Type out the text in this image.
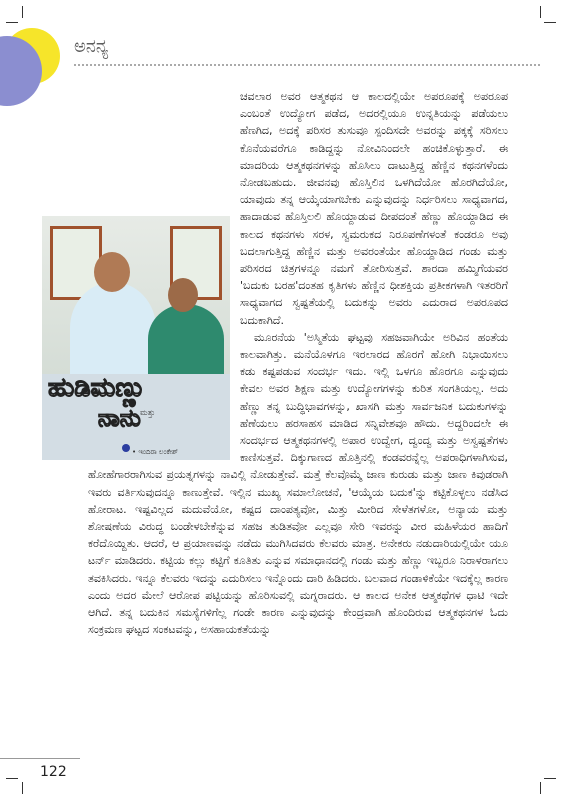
ಅನನ್ಯ
ಹುಡಿಮಣ್ಣು
ಮತ್ತು
ನಾನು
• ಇಂದಿರಾ ಲಂಕೇಶ್

ಚವಲಾರ ಅವರ ಆತ್ಮಕಥನ ಆ ಕಾಲದಲ್ಲಿಯೇ ಅಪರೂಪಕ್ಕೆ ಅಪರೂಪ ಎಂಬಂತೆ ಉದ್ಯೋಗ ಪಡೆದ, ಅದರಲ್ಲಿಯೂ ಉನ್ನತಿಯನ್ನು ಪಡೆಯಲು ಹೆಣಗಿದ, ಅದಕ್ಕೆ ಪರಿಸರ ತುಸುವೂ ಸ್ಪಂದಿಸದೇ ಅವರನ್ನು ಪಕ್ಕಕ್ಕೆ ಸರಿಸಲು ಕೊನೆಯವರೆಗೂ ಕಾಡಿದ್ದನ್ನು ನೋವಿನಿಂದಲೇ ಹಂಚಿಕೊಳ್ಳುತ್ತಾರೆ. ಈ ಮಾದರಿಯ ಆತ್ಮಕಥನಗಳನ್ನು ಹೊಸಿಲು ದಾಟುತ್ತಿದ್ದ ಹೆಣ್ಣಿನ ಕಥನಗಳೆಂದು ನೋಡಬಹುದು. ಜೀವನವು ಹೊಸ್ತಿಲಿನ ಒಳಗಿದೆಯೋ ಹೊರಗಿದೆಯೋ, ಯಾವುದು ತನ್ನ ಆಯ್ಕೆಯಾಗಬೇಕು ಎನ್ನುವುದನ್ನು ನಿರ್ಧರಿಸಲು ಸಾಧ್ಯವಾಗದ, ಹಾದಾಡುವ ಹೊಸ್ತಿಲಲಿ ಹೊಯ್ದಾಡುವ ದೀಪದಂತೆ ಹೆಣ್ಣು ಹೊಯ್ದಾಡಿದ ಈ ಕಾಲದ ಕಥನಗಳು ಸರಳ, ಸ್ವಮರುಕದ ನಿರೂಪಣೆಗಳಂತೆ ಕಂಡರೂ ಅವು ಬದಲಾಗುತ್ತಿದ್ದ ಹೆಣ್ಣಿನ ಮತ್ತು ಅವರಂತೆಯೇ ಹೊಯ್ದಾಡಿದ ಗಂಡು ಮತ್ತು ಪರಿಸರದ ಚಿತ್ರಗಳನ್ನೂ ನಮಗೆ ತೋರಿಸುತ್ತವೆ. ಶಾರದಾ ಹಮ್ಮಿಗೆಯವರ 'ಬದುಕು ಬರಹ'ದಂತಹ ಕೃತಿಗಳು ಹೆಣ್ಣಿನ ಧೀಶಕ್ತಿಯ ಪ್ರತೀಕಗಳಾಗಿ ಇತರರಿಗೆ ಸಾಧ್ಯವಾಗದ ಸ್ವಷ್ಟತೆಯಲ್ಲಿ ಬದುಕನ್ನು ಅವರು ಎದುರಾದ ಅಪರೂಪದ ಬದುಕಾಗಿದೆ.

ಮೂರನೆಯ 'ಅಸ್ಮಿತೆಯ ಘಟ್ಟವು ಸಹಜವಾಗಿಯೇ ಅರಿವಿನ ಹಂತೆಯ ಕಾಲವಾಗಿತ್ತು. ಮನೆಯೊಳಗೂ ಇರಲಾರದ ಹೊರಗೆ ಹೋಗಿ ನಿಭಾಯಿಸಲು ಕಡು ಕಷ್ಟಪಡುವ ಸಂದರ್ಭ ಇದು. ಇಲ್ಲಿ ಒಳಗೂ ಹೊರಗೂ ಎನ್ನುವುದು ಕೇವಲ ಅವರ ಶಿಕ್ಷಣ ಮತ್ತು ಉದ್ಯೋಗಗಳನ್ನು ಕುರಿತ ಸಂಗತಿಯಲ್ಲ. ಅದು ಹೆಣ್ಣು ತನ್ನ ಬುದ್ಧಿಭಾವಗಳನ್ನು, ಖಾಸಗಿ ಮತ್ತು ಸಾರ್ವಜನಿಕ ಬದುಕುಗಳನ್ನು ಹೆಣೆಯಲು ಹರಸಾಹಸ ಮಾಡಿದ ಸನ್ನಿವೇಶವೂ ಹೌದು. ಅದ್ದರಿಂದಲೇ ಈ ಸಂದರ್ಭದ ಆತ್ಮಕಥನಗಳಲ್ಲಿ ಅಪಾರ ಉದ್ವೇಗ, ದ್ವಂದ್ವ ಮತ್ತು ಅಸ್ವಷ್ಟತೆಗಳು ಕಾಣಿಸುತ್ತವೆ. ದಿಕ್ಕುಗಾಣದ ಹೊತ್ತಿನಲ್ಲಿ ಕಂಡವರನ್ನೆಲ್ಲ ಅಪರಾಧಿಗಳಾಗಿಸುವ, ಹೋಹೆಗಾರರಾಗಿಸುವ ಪ್ರಯತ್ನಗಳನ್ನು ನಾವಿಲ್ಲಿ ನೋಡುತ್ತೇವೆ. ಮತ್ತೆ ಕೆಲವೊಮ್ಮೆ ಜಾಣ ಕುರುಡು ಮತ್ತು ಜಾಣ ಕಿವುಡರಾಗಿ ಇವರು ವರ್ತಿಸುವುದನ್ನೂ ಕಾಣುತ್ತೇವೆ. ಇಲ್ಲಿನ ಮುಖ್ಯ ಸಮಾಲೋಚನೆ, 'ಆಯ್ಕೆಯ ಬದುಕ'ನ್ನು ಕಟ್ಟಿಕೊಳ್ಳಲು ನಡೆಸಿದ ಹೋರಾಟ. ಇಷ್ಟವಿಲ್ಲದ ಮದುವೆಯೋ, ಕಷ್ಟದ ದಾಂಪತ್ಯವೋ, ಮಿತ್ತು ಮೀರಿದ ಸೇಳೆತಗಳೋ, ಅನ್ಯಾಯ ಮತ್ತು ಶೋಷಣೆಯ ವಿರುದ್ಧ ಬಂಡೇಳಬೇಕೆನ್ನುವ ಸಹಜ ತುಡಿತವೋ ಎಲ್ಲವೂ ಸೇರಿ ಇವರನ್ನು ವೀರ ಮಹಿಳೆಯರ ಹಾದಿಗೆ ಕರೆದೊಯ್ದಿತು. ಆದರೆ, ಆ ಪ್ರಯಾಣವನ್ನು ನಡೆದು ಮುಗಿಸಿದವರು ಕೆಲವರು ಮಾತ್ರ. ಅನೇಕರು ನಡುದಾರಿಯಲ್ಲಿಯೇ ಯೂ ಟರ್ನ್ ಮಾಡಿದರು. ಕಟ್ಟಿಯ ಕಲ್ಲು ಕಟ್ಟಿಗೆ ಕೂತಿತು ಎನ್ನುವ ಸಮಾಧಾನದಲ್ಲಿ ಗಂಡು ಮತ್ತು ಹೆಣ್ಣು ಇಬ್ಬರೂ ನಿರಾಳರಾಗಲು ತವಕಿಸಿದರು. ಇನ್ನೂ ಕೆಲವರು ಇದನ್ನು ಎದುರಿಸಲು ಇನ್ನೊಂದು ದಾರಿ ಹಿಡಿದರು. ಬಲವಾದ ಗಂಡಾಳಿಕೆಯೇ ಇದಕ್ಕೆಲ್ಲ ಕಾರಣ ಎಂದು ಅದರ ಮೇಲೆ ಆರೋಪ ಪಟ್ಟಿಯನ್ನು ಹೊರಿಸುವಲ್ಲಿ ಮಗ್ನರಾದರು. ಆ ಕಾಲದ ಅನೇಕ ಆತ್ಮಕಥೆಗಳ ಧಾಟಿ ಇದೇ ಆಗಿದೆ. ತನ್ನ ಬದುಕಿನ ಸಮಸ್ಯೆಗಳಿಗೆಲ್ಲ ಗಂಡೇ ಕಾರಣ ಎನ್ನುವುದನ್ನು ಕೇಂದ್ರವಾಗಿ ಹೊಂದಿರುವ ಆತ್ಮಕಥನಗಳ ಓದು ಸಂಕ್ರಮಣ ಘಟ್ಟದ ಸಂಕಟವನ್ನು, ಅಸಹಾಯಕತೆಯನ್ನು

122
